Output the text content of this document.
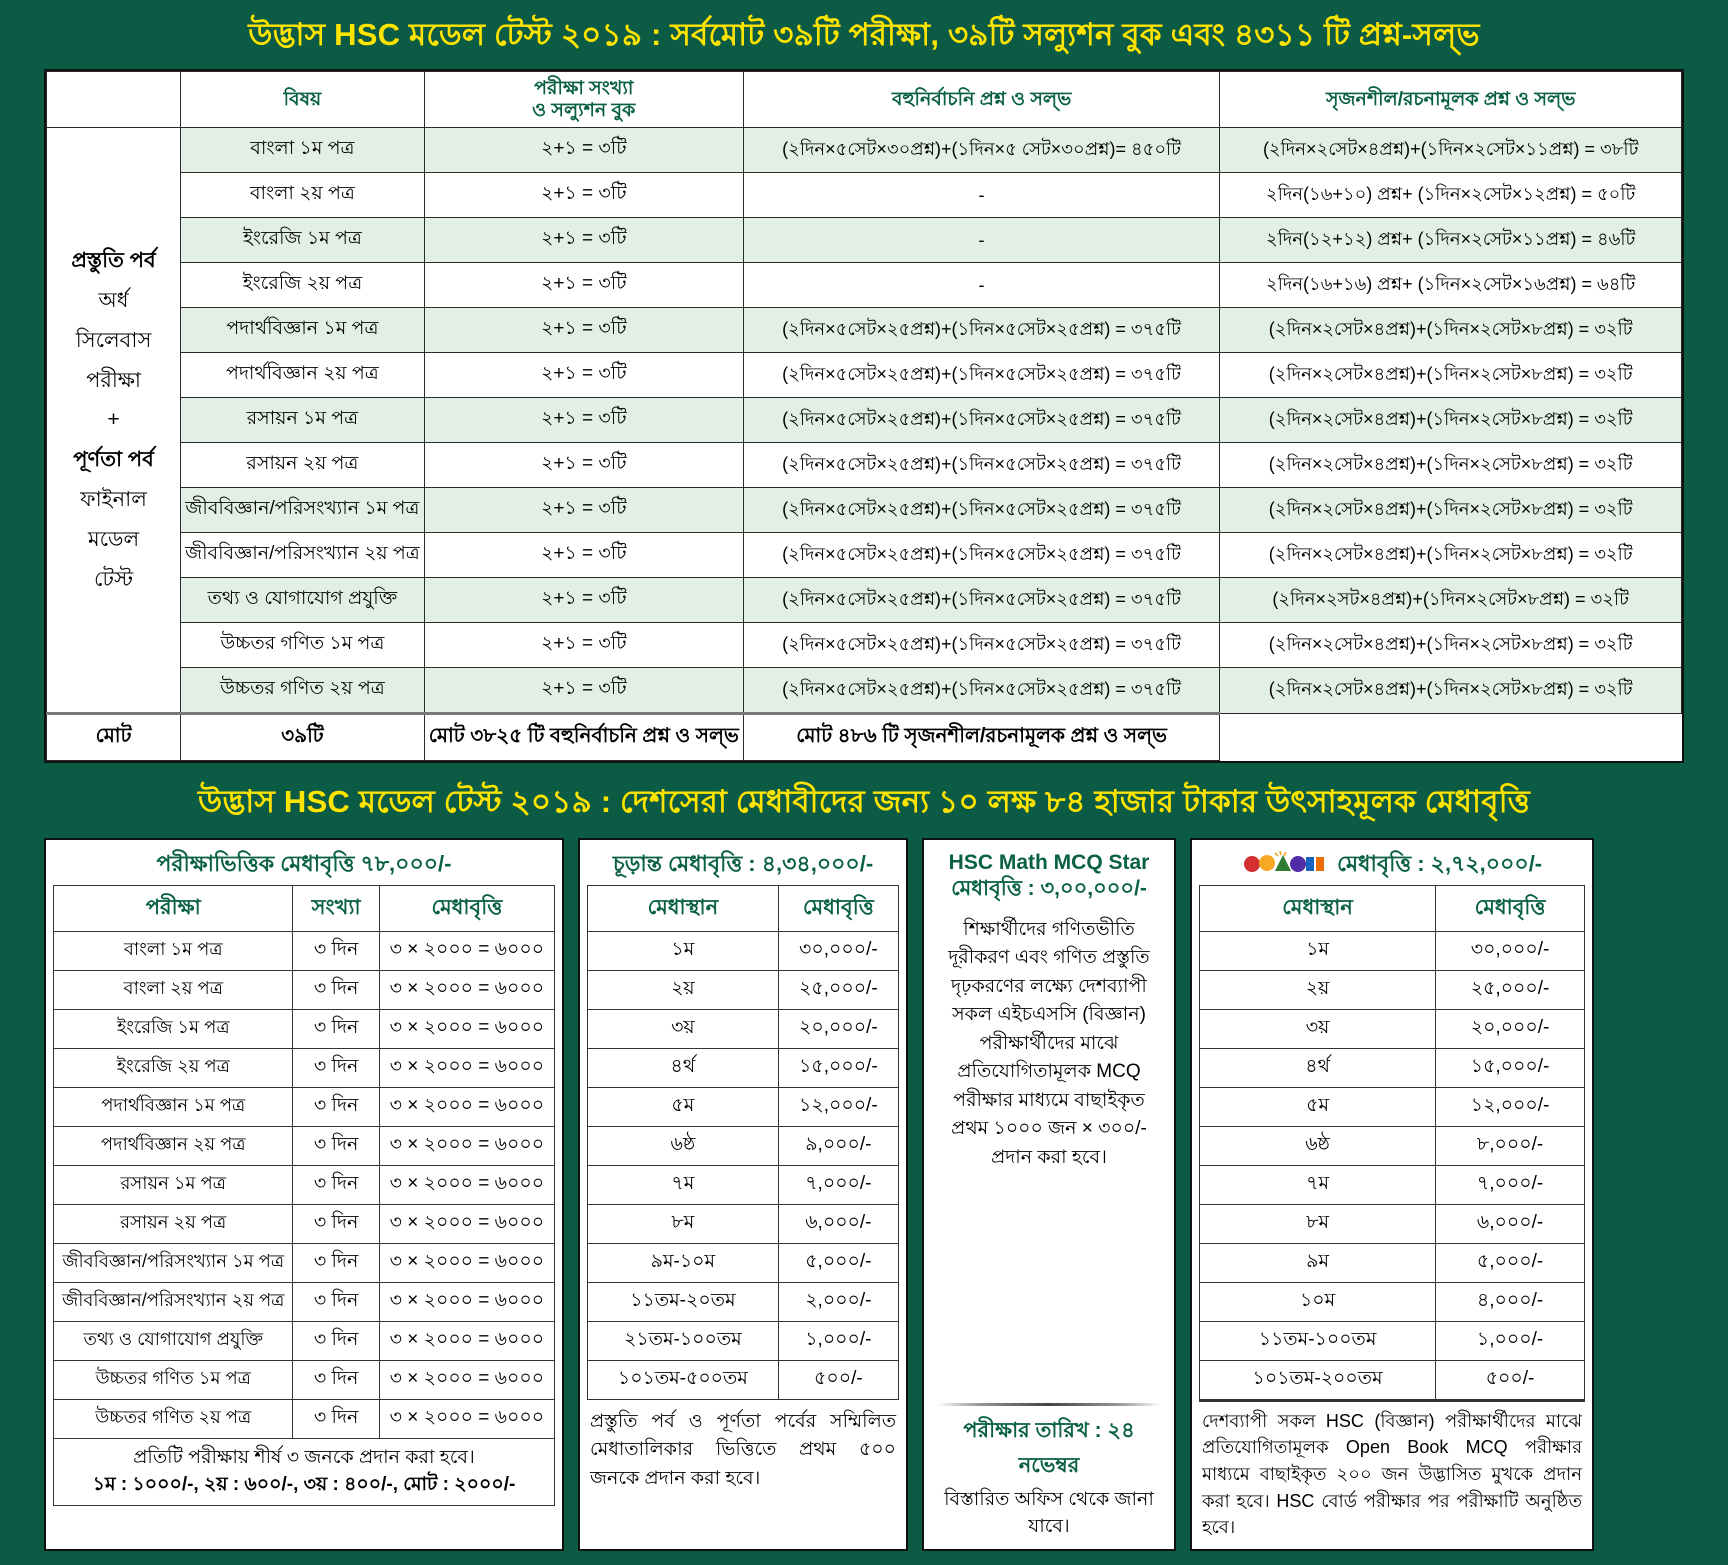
উদ্ভাস HSC মডেল টেস্ট ২০১৯ : সর্বমোট ৩৯টি পরীক্ষা, ৩৯টি সল্যুশন বুক এবং ৪৩১১ টি প্রশ্ন-সল্ভ
	বিষয়	পরীক্ষা সংখ্যা
ও সল্যুশন বুক	বহুনির্বাচনি প্রশ্ন ও সল্ভ	সৃজনশীল/রচনামূলক প্রশ্ন ও সল্ভ

প্রস্তুতি পর্ব
অর্ধ
সিলেবাস
পরীক্ষা
+
পূর্ণতা পর্ব
ফাইনাল
মডেল
টেস্ট
	বাংলা ১ম পত্র	২+১ = ৩টি	(২দিন×৫সেট×৩০প্রশ্ন)+(১দিন×৫ সেট×৩০প্রশ্ন)= ৪৫০টি	(২দিন×২সেট×৪প্রশ্ন)+(১দিন×২সেট×১১প্রশ্ন) = ৩৮টি
	বাংলা ২য় পত্র	২+১ = ৩টি	-	২দিন(১৬+১০) প্রশ্ন+ (১দিন×২সেট×১২প্রশ্ন) = ৫০টি
	ইংরেজি ১ম পত্র	২+১ = ৩টি	-	২দিন(১২+১২) প্রশ্ন+ (১দিন×২সেট×১১প্রশ্ন) = ৪৬টি
	ইংরেজি ২য় পত্র	২+১ = ৩টি	-	২দিন(১৬+১৬) প্রশ্ন+ (১দিন×২সেট×১৬প্রশ্ন) = ৬৪টি
	পদার্থবিজ্ঞান ১ম পত্র	২+১ = ৩টি	(২দিন×৫সেট×২৫প্রশ্ন)+(১দিন×৫সেট×২৫প্রশ্ন) = ৩৭৫টি	(২দিন×২সেট×৪প্রশ্ন)+(১দিন×২সেট×৮প্রশ্ন) = ৩২টি
	পদার্থবিজ্ঞান ২য় পত্র	২+১ = ৩টি	(২দিন×৫সেট×২৫প্রশ্ন)+(১দিন×৫সেট×২৫প্রশ্ন) = ৩৭৫টি	(২দিন×২সেট×৪প্রশ্ন)+(১দিন×২সেট×৮প্রশ্ন) = ৩২টি
	রসায়ন ১ম পত্র	২+১ = ৩টি	(২দিন×৫সেট×২৫প্রশ্ন)+(১দিন×৫সেট×২৫প্রশ্ন) = ৩৭৫টি	(২দিন×২সেট×৪প্রশ্ন)+(১দিন×২সেট×৮প্রশ্ন) = ৩২টি
	রসায়ন ২য় পত্র	২+১ = ৩টি	(২দিন×৫সেট×২৫প্রশ্ন)+(১দিন×৫সেট×২৫প্রশ্ন) = ৩৭৫টি	(২দিন×২সেট×৪প্রশ্ন)+(১দিন×২সেট×৮প্রশ্ন) = ৩২টি
	জীববিজ্ঞান/পরিসংখ্যান ১ম পত্র	২+১ = ৩টি	(২দিন×৫সেট×২৫প্রশ্ন)+(১দিন×৫সেট×২৫প্রশ্ন) = ৩৭৫টি	(২দিন×২সেট×৪প্রশ্ন)+(১দিন×২সেট×৮প্রশ্ন) = ৩২টি
	জীববিজ্ঞান/পরিসংখ্যান ২য় পত্র	২+১ = ৩টি	(২দিন×৫সেট×২৫প্রশ্ন)+(১দিন×৫সেট×২৫প্রশ্ন) = ৩৭৫টি	(২দিন×২সেট×৪প্রশ্ন)+(১দিন×২সেট×৮প্রশ্ন) = ৩২টি
	তথ্য ও যোগাযোগ প্রযুক্তি	২+১ = ৩টি	(২দিন×৫সেট×২৫প্রশ্ন)+(১দিন×৫সেট×২৫প্রশ্ন) = ৩৭৫টি	(২দিন×২সট×৪প্রশ্ন)+(১দিন×২সেট×৮প্রশ্ন) = ৩২টি
	উচ্চতর গণিত ১ম পত্র	২+১ = ৩টি	(২দিন×৫সেট×২৫প্রশ্ন)+(১দিন×৫সেট×২৫প্রশ্ন) = ৩৭৫টি	(২দিন×২সেট×৪প্রশ্ন)+(১দিন×২সেট×৮প্রশ্ন) = ৩২টি
	উচ্চতর গণিত ২য় পত্র	২+১ = ৩টি	(২দিন×৫সেট×২৫প্রশ্ন)+(১দিন×৫সেট×২৫প্রশ্ন) = ৩৭৫টি	(২দিন×২সেট×৪প্রশ্ন)+(১দিন×২সেট×৮প্রশ্ন) = ৩২টি
মোট	৩৯টি	মোট ৩৮২৫ টি বহুনির্বাচনি প্রশ্ন ও সল্ভ	মোট ৪৮৬ টি সৃজনশীল/রচনামূলক প্রশ্ন ও সল্ভ	
উদ্ভাস HSC মডেল টেস্ট ২০১৯ : দেশসেরা মেধাবীদের জন্য ১০ লক্ষ ৮৪ হাজার টাকার উৎসাহমূলক মেধাবৃত্তি
পরীক্ষাভিত্তিক মেধাবৃত্তি ৭৮,০০০/-
পরীক্ষা	সংখ্যা	মেধাবৃত্তি
বাংলা ১ম পত্র	৩ দিন	৩ × ২০০০ = ৬০০০
বাংলা ২য় পত্র	৩ দিন	৩ × ২০০০ = ৬০০০
ইংরেজি ১ম পত্র	৩ দিন	৩ × ২০০০ = ৬০০০
ইংরেজি ২য় পত্র	৩ দিন	৩ × ২০০০ = ৬০০০
পদার্থবিজ্ঞান ১ম পত্র	৩ দিন	৩ × ২০০০ = ৬০০০
পদার্থবিজ্ঞান ২য় পত্র	৩ দিন	৩ × ২০০০ = ৬০০০
রসায়ন ১ম পত্র	৩ দিন	৩ × ২০০০ = ৬০০০
রসায়ন ২য় পত্র	৩ দিন	৩ × ২০০০ = ৬০০০
জীববিজ্ঞান/পরিসংখ্যান ১ম পত্র	৩ দিন	৩ × ২০০০ = ৬০০০
জীববিজ্ঞান/পরিসংখ্যান ২য় পত্র	৩ দিন	৩ × ২০০০ = ৬০০০
তথ্য ও যোগাযোগ প্রযুক্তি	৩ দিন	৩ × ২০০০ = ৬০০০
উচ্চতর গণিত ১ম পত্র	৩ দিন	৩ × ২০০০ = ৬০০০
উচ্চতর গণিত ২য় পত্র	৩ দিন	৩ × ২০০০ = ৬০০০
প্রতিটি পরীক্ষায় শীর্ষ ৩ জনকে প্রদান করা হবে।
১ম : ১০০০/-, ২য় : ৬০০/-, ৩য় : ৪০০/-, মোট : ২০০০/-
চূড়ান্ত মেধাবৃত্তি : ৪,৩৪,০০০/-
মেধাস্থান	মেধাবৃত্তি
১ম	৩০,০০০/-
২য়	২৫,০০০/-
৩য়	২০,০০০/-
৪র্থ	১৫,০০০/-
৫ম	১২,০০০/-
৬ষ্ঠ	৯,০০০/-
৭ম	৭,০০০/-
৮ম	৬,০০০/-
৯ম-১০ম	৫,০০০/-
১১তম-২০তম	২,০০০/-
২১তম-১০০তম	১,০০০/-
১০১তম-৫০০তম	৫০০/-
প্রস্তুতি পর্ব ও পূর্ণতা পর্বের সম্মিলিত মেধাতালিকার ভিত্তিতে প্রথম ৫০০ জনকে প্রদান করা হবে।
HSC Math MCQ Star
মেধাবৃত্তি : ৩,০০,০০০/-
শিক্ষার্থীদের গণিতভীতি দূরীকরণ এবং গণিত প্রস্তুতি দৃঢ়করণের লক্ষ্যে দেশব্যাপী সকল এইচএসসি (বিজ্ঞান) পরীক্ষার্থীদের মাঝে প্রতিযোগিতামূলক MCQ পরীক্ষার মাধ্যমে বাছাইকৃত প্রথম ১০০০ জন × ৩০০/- প্রদান করা হবে।
পরীক্ষার তারিখ : ২৪ নভেম্বর
বিস্তারিত অফিস থেকে জানা যাবে।
মেধাবৃত্তি : ২,৭২,০০০/-
মেধাস্থান	মেধাবৃত্তি
১ম	৩০,০০০/-
২য়	২৫,০০০/-
৩য়	২০,০০০/-
৪র্থ	১৫,০০০/-
৫ম	১২,০০০/-
৬ষ্ঠ	৮,০০০/-
৭ম	৭,০০০/-
৮ম	৬,০০০/-
৯ম	৫,০০০/-
১০ম	৪,০০০/-
১১তম-১০০তম	১,০০০/-
১০১তম-২০০তম	৫০০/-
দেশব্যাপী সকল HSC (বিজ্ঞান) পরীক্ষার্থীদের মাঝে প্রতিযোগিতামূলক Open Book MCQ পরীক্ষার মাধ্যমে বাছাইকৃত ২০০ জন উদ্ভাসিত মুখকে প্রদান করা হবে। HSC বোর্ড পরীক্ষার পর পরীক্ষাটি অনুষ্ঠিত হবে।
